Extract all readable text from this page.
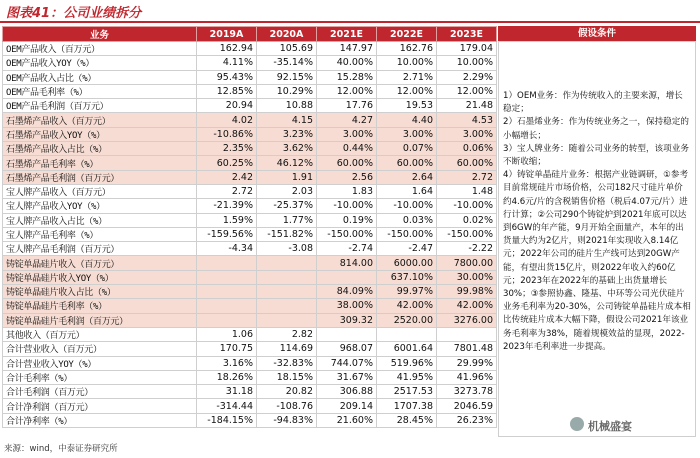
图表41：公司业绩拆分
业务	2019A	2020A	2021E	2022E	2023E
OEM产品收入（百万元）	162.94	105.69	147.97	162.76	179.04
OEM产品收入YOY（%）	4.11%	-35.14%	40.00%	10.00%	10.00%
OEM产品收入占比（%）	95.43%	92.15%	15.28%	2.71%	2.29%
OEM产品毛利率（%）	12.85%	10.29%	12.00%	12.00%	12.00%
OEM产品毛利润（百万元）	20.94	10.88	17.76	19.53	21.48
石墨烯产品收入（百万元）	4.02	4.15	4.27	4.40	4.53
石墨烯产品收入YOY（%）	-10.86%	3.23%	3.00%	3.00%	3.00%
石墨烯产品收入占比（%）	2.35%	3.62%	0.44%	0.07%	0.06%
石墨烯产品毛利率（%）	60.25%	46.12%	60.00%	60.00%	60.00%
石墨烯产品毛利润（百万元）	2.42	1.91	2.56	2.64	2.72
宝人牌产品收入（百万元）	2.72	2.03	1.83	1.64	1.48
宝人牌产品收入YOY（%）	-21.39%	-25.37%	-10.00%	-10.00%	-10.00%
宝人牌产品收入占比（%）	1.59%	1.77%	0.19%	0.03%	0.02%
宝人牌产品毛利率（%）	-159.56%	-151.82%	-150.00%	-150.00%	-150.00%
宝人牌产品毛利润（百万元）	-4.34	-3.08	-2.74	-2.47	-2.22
铸锭单晶硅片收入（百万元）			814.00	6000.00	7800.00
铸锭单晶硅片收入YOY（%）				637.10%	30.00%
铸锭单晶硅片收入占比（%）			84.09%	99.97%	99.98%
铸锭单晶硅片毛利率（%）			38.00%	42.00%	42.00%
铸锭单晶硅片毛利润（百万元）			309.32	2520.00	3276.00
其他收入（百万元）	1.06	2.82			
合计营业收入（百万元）	170.75	114.69	968.07	6001.64	7801.48
合计营业收入YOY（%）	3.16%	-32.83%	744.07%	519.96%	29.99%
合计毛利率（%）	18.26%	18.15%	31.67%	41.95%	41.96%
合计毛利润（百万元）	31.18	20.82	306.88	2517.53	3273.78
合计净利润（百万元）	-314.44	-108.76	209.14	1707.38	2046.59
合计净利率（%）	-184.15%	-94.83%	21.60%	28.45%	26.23%
假设条件

1）OEM业务：作为传统收入的主要来源，增长稳定；

2）石墨烯业务：作为传统业务之一，保持稳定的小幅增长；

3）宝人牌业务：随着公司业务的转型，该项业务不断收缩；

4）铸锭单晶硅片业务：根据产业链调研，①参考目前常规硅片市场价格，公司182尺寸硅片单价约4.6元/片的含税销售价格（税后4.07元/片）进行计算；②公司290个铸锭炉到2021年底可以达到6GW的年产能，9月开始全面量产，本年的出货量大约为2亿片，则2021年实现收入8.14亿元；2022年公司的硅片生产线可达到20GW产能，有望出货15亿片，则2022年收入约60亿元；2023年在2022年的基础上出货量增长30%；③参照协鑫、隆基、中环等公司光伏硅片业务毛利率为20-30%，公司铸锭单晶硅片成本相比传统硅片成本大幅下降，假设公司2021年该业务毛利率为38%，随着规模效益的显现，2022-2023年毛利率进一步提高。

机械盛宴
来源：wind，中泰证券研究所
